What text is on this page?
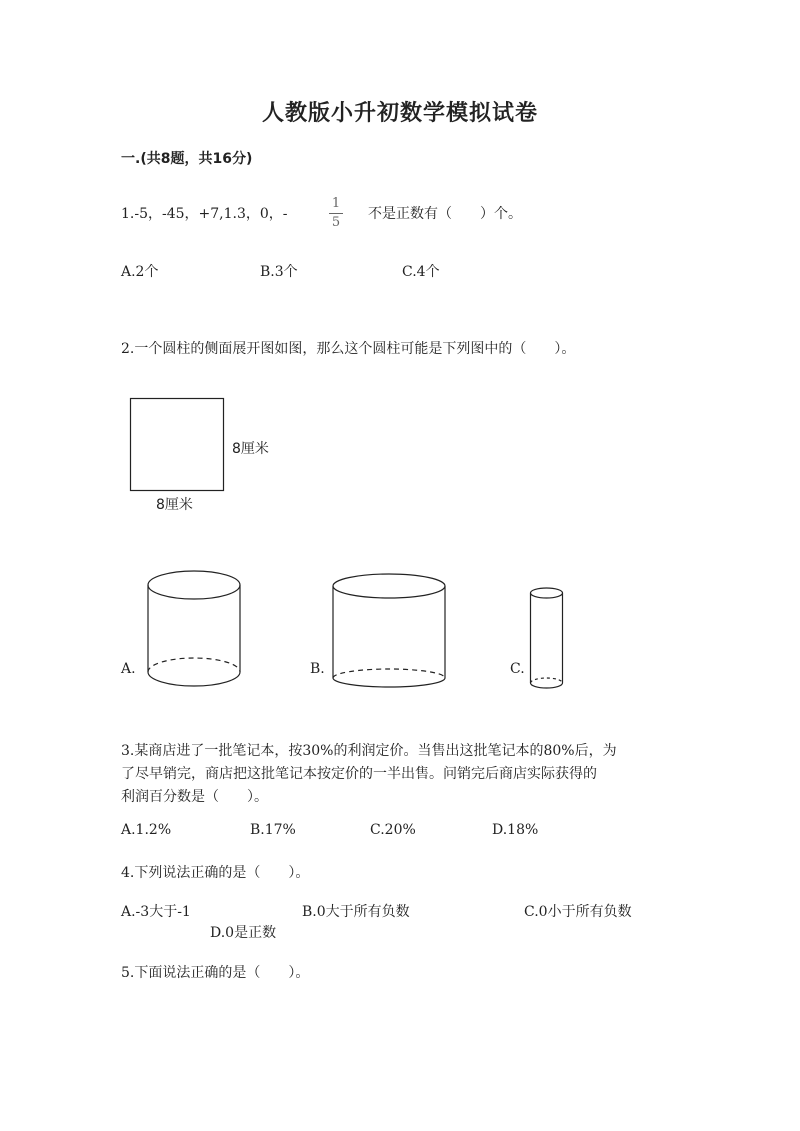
人教版小升初数学模拟试卷
一.(共8题，共16分)
1.-5，-45，+7,1.3，0，-
1
5
不是正数有（　　）个。
A.2个	B.3个	C.4个
2.一个圆柱的侧面展开图如图，那么这个圆柱可能是下列图中的（　　）。
8厘米
8厘米
A.	B.	C.
3.某商店进了一批笔记本，按30%的利润定价。当售出这批笔记本的80%后，为
了尽早销完，商店把这批笔记本按定价的一半出售。问销完后商店实际获得的
利润百分数是（　　）。
A.1.2%	B.17%	C.20%	D.18%
4.下列说法正确的是（　　）。
A.-3大于-1	B.0大于所有负数	C.0小于所有负数
D.0是正数
5.下面说法正确的是（　　）。
